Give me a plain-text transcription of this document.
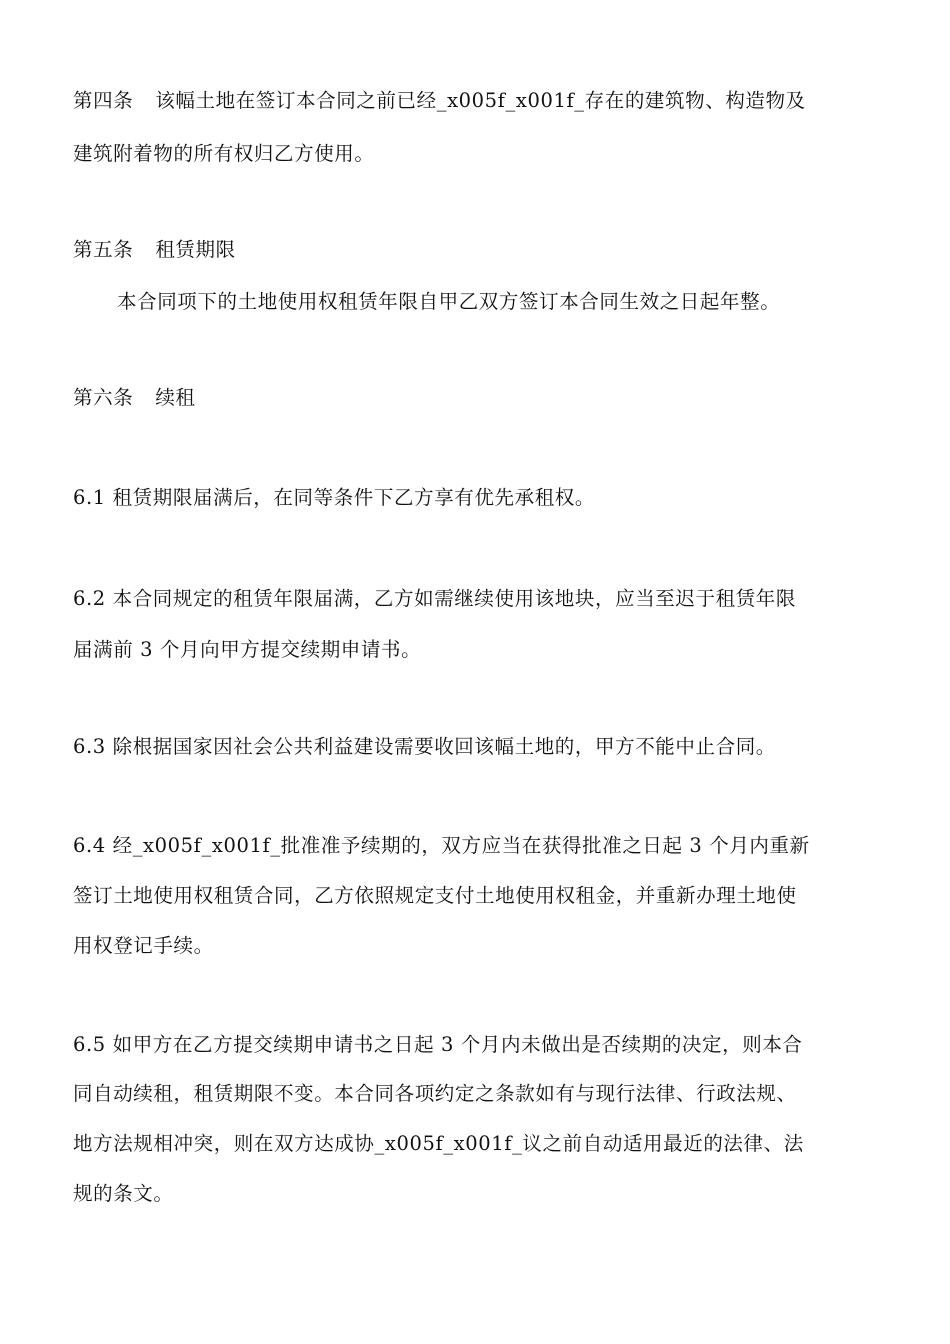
第四条 该幅土地在签订本合同之前已经_x005f_x001f_存在的建筑物、构造物及
建筑附着物的所有权归乙方使用。
第五条 租赁期限
本合同项下的土地使用权租赁年限自甲乙双方签订本合同生效之日起年整。
第六条 续租
6.1 租赁期限届满后，在同等条件下乙方享有优先承租权。
6.2 本合同规定的租赁年限届满，乙方如需继续使用该地块，应当至迟于租赁年限
届满前 3 个月向甲方提交续期申请书。
6.3 除根据国家因社会公共利益建设需要收回该幅土地的，甲方不能中止合同。
6.4 经_x005f_x001f_批准准予续期的，双方应当在获得批准之日起 3 个月内重新
签订土地使用权租赁合同，乙方依照规定支付土地使用权租金，并重新办理土地使
用权登记手续。
6.5 如甲方在乙方提交续期申请书之日起 3 个月内未做出是否续期的决定，则本合
同自动续租，租赁期限不变。本合同各项约定之条款如有与现行法律、行政法规、
地方法规相冲突，则在双方达成协_x005f_x001f_议之前自动适用最近的法律、法
规的条文。
